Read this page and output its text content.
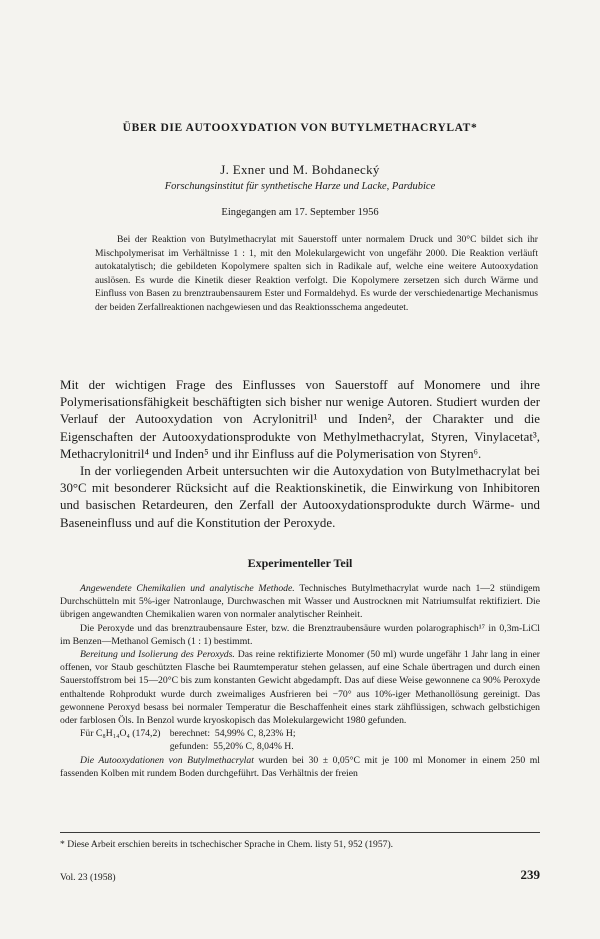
ÜBER DIE AUTOOXYDATION VON BUTYLMETHACRYLAT*
J. Exner und M. Bohdanecký
Forschungsinstitut für synthetische Harze und Lacke, Pardubice
Eingegangen am 17. September 1956

Bei der Reaktion von Butylmethacrylat mit Sauerstoff unter normalem Druck und 30°C bildet sich ihr Mischpolymerisat im Verhältnisse 1 : 1, mit den Molekulargewicht von ungefähr 2000. Die Reaktion verläuft autokatalytisch; die gebildeten Kopolymere spalten sich in Radikale auf, welche eine weitere Autooxydation auslösen. Es wurde die Kinetik dieser Reaktion verfolgt. Die Kopolymere zersetzen sich durch Wärme und Einfluss von Basen zu brenztraubensaurem Ester und Formaldehyd. Es wurde der verschiedenartige Mechanismus der beiden Zerfallreaktionen nachgewiesen und das Reaktionsschema angedeutet.

Mit der wichtigen Frage des Einflusses von Sauerstoff auf Monomere und ihre Polymerisationsfähigkeit beschäftigten sich bisher nur wenige Autoren. Studiert wurden der Verlauf der Autooxydation von Acrylonitril¹ und Inden², der Charakter und die Eigenschaften der Autooxydationsprodukte von Methylmethacrylat, Styren, Vinylacetat³, Methacrylonitril⁴ und Inden⁵ und ihr Einfluss auf die Polymerisation von Styren⁶.

In der vorliegenden Arbeit untersuchten wir die Autoxydation von Butylmethacrylat bei 30°C mit besonderer Rücksicht auf die Reaktionskinetik, die Einwirkung von Inhibitoren und basischen Retardeuren, den Zerfall der Autooxydationsprodukte durch Wärme- und Baseneinfluss und auf die Konstitution der Peroxyde.

Experimenteller Teil

Angewendete Chemikalien und analytische Methode. Technisches Butylmethacrylat wurde nach 1—2 stündigem Durchschütteln mit 5%-iger Natronlauge, Durchwaschen mit Wasser und Austrocknen mit Natriumsulfat rektifiziert. Die übrigen angewandten Chemikalien waren von normaler analytischer Reinheit.

Die Peroxyde und das brenztraubensaure Ester, bzw. die Brenztraubensäure wurden polarographisch¹⁷ in 0,3m-LiCl im Benzen—Methanol Gemisch (1 : 1) bestimmt.

Bereitung und Isolierung des Peroxyds. Das reine rektifizierte Monomer (50 ml) wurde ungefähr 1 Jahr lang in einer offenen, vor Staub geschützten Flasche bei Raumtemperatur stehen gelassen, auf eine Schale übertragen und durch einen Sauerstoffstrom bei 15—20°C bis zum konstanten Gewicht abgedampft. Das auf diese Weise gewonnene ca 90% Peroxyde enthaltende Rohprodukt wurde durch zweimaliges Ausfrieren bei −70° aus 10%-iger Methanollösung gereinigt. Das gewonnene Peroxyd besass bei normaler Temperatur die Beschaffenheit eines stark zähflüssigen, schwach gelbstichigen oder farblosen Öls. In Benzol wurde kryoskopisch das Molekulargewicht 1980 gefunden.

Für C₈H₁₄O₄ (174,2) berechnet:  54,99% C, 8,23% H;
gefunden:  55,20% C, 8,04% H.

Die Autooxydationen von Butylmethacrylat wurden bei 30 ± 0,05°C mit je 100 ml Monomer in einem 250 ml fassenden Kolben mit rundem Boden durchgeführt. Das Verhältnis der freien

* Diese Arbeit erschien bereits in tschechischer Sprache in Chem. listy 51, 952 (1957).
Vol. 23 (1958)	239
